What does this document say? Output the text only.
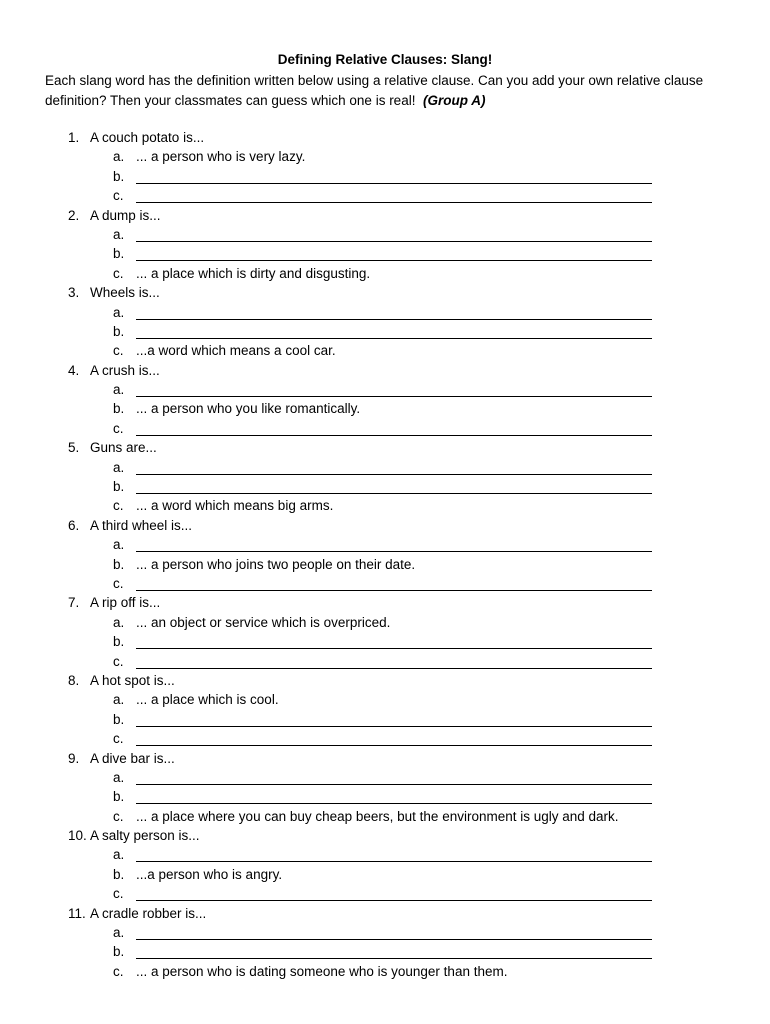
Defining Relative Clauses: Slang!
Each slang word has the definition written below using a relative clause. Can you add your own relative clause definition? Then your classmates can guess which one is real! (Group A)
1. A couch potato is...
a. ... a person who is very lazy.
b.
c.
2. A dump is...
a.
b.
c. ... a place which is dirty and disgusting.
3. Wheels is...
a.
b.
c. ...a word which means a cool car.
4. A crush is...
a.
b. ... a person who you like romantically.
c.
5. Guns are...
a.
b.
c. ... a word which means big arms.
6. A third wheel is...
a.
b. ... a person who joins two people on their date.
c.
7. A rip off is...
a. ... an object or service which is overpriced.
b.
c.
8. A hot spot is...
a. ... a place which is cool.
b.
c.
9. A dive bar is...
a.
b.
c. ... a place where you can buy cheap beers, but the environment is ugly and dark.
10. A salty person is...
a.
b. ...a person who is angry.
c.
11. A cradle robber is...
a.
b.
c. ... a person who is dating someone who is younger than them.
